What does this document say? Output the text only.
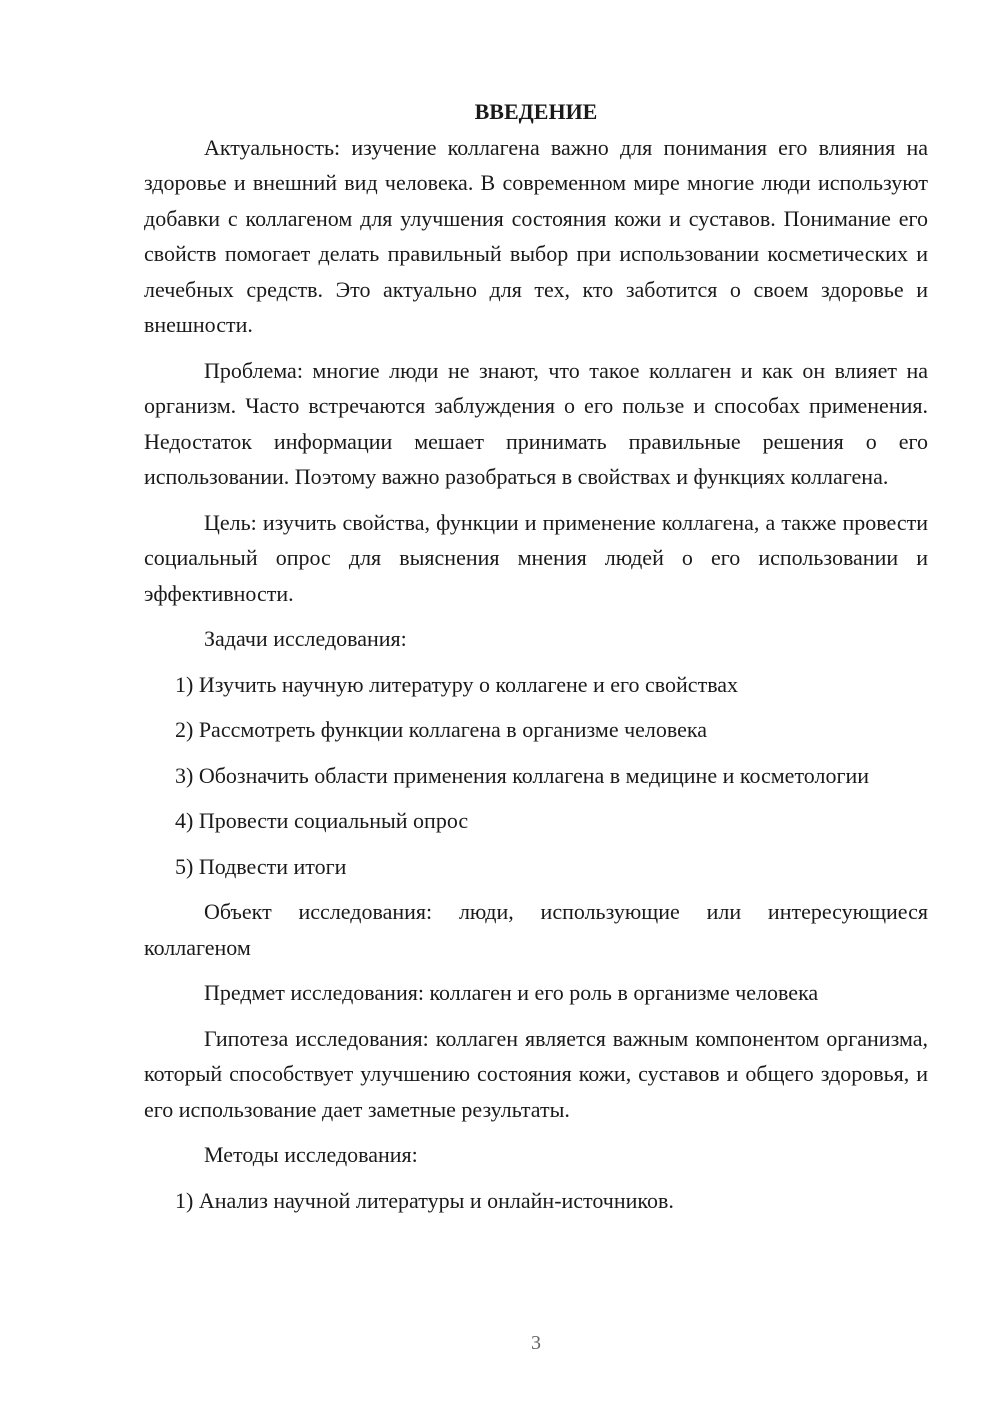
ВВЕДЕНИЕ

Актуальность: изучение коллагена важно для понимания его влияния на здоровье и внешний вид человека. В современном мире многие люди используют добавки с коллагеном для улучшения состояния кожи и суставов. Понимание его свойств помогает делать правильный выбор при использовании косметических и лечебных средств. Это актуально для тех, кто заботится о своем здоровье и внешности.

Проблема: многие люди не знают, что такое коллаген и как он влияет на организм. Часто встречаются заблуждения о его пользе и способах применения. Недостаток информации мешает принимать правильные решения о его использовании. Поэтому важно разобраться в свойствах и функциях коллагена.

Цель: изучить свойства, функции и применение коллагена, а также провести социальный опрос для выяснения мнения людей о его использовании и эффективности.

Задачи исследования:

1) Изучить научную литературу о коллагене и его свойствах

2) Рассмотреть функции коллагена в организме человека

3) Обозначить области применения коллагена в медицине и косметологии

4) Провести социальный опрос

5) Подвести итоги

Объект исследования: люди, использующие или интересующиеся коллагеном

Предмет исследования: коллаген и его роль в организме человека

Гипотеза исследования: коллаген является важным компонентом организма, который способствует улучшению состояния кожи, суставов и общего здоровья, и его использование дает заметные результаты.

Методы исследования:

1) Анализ научной литературы и онлайн-источников.

3
